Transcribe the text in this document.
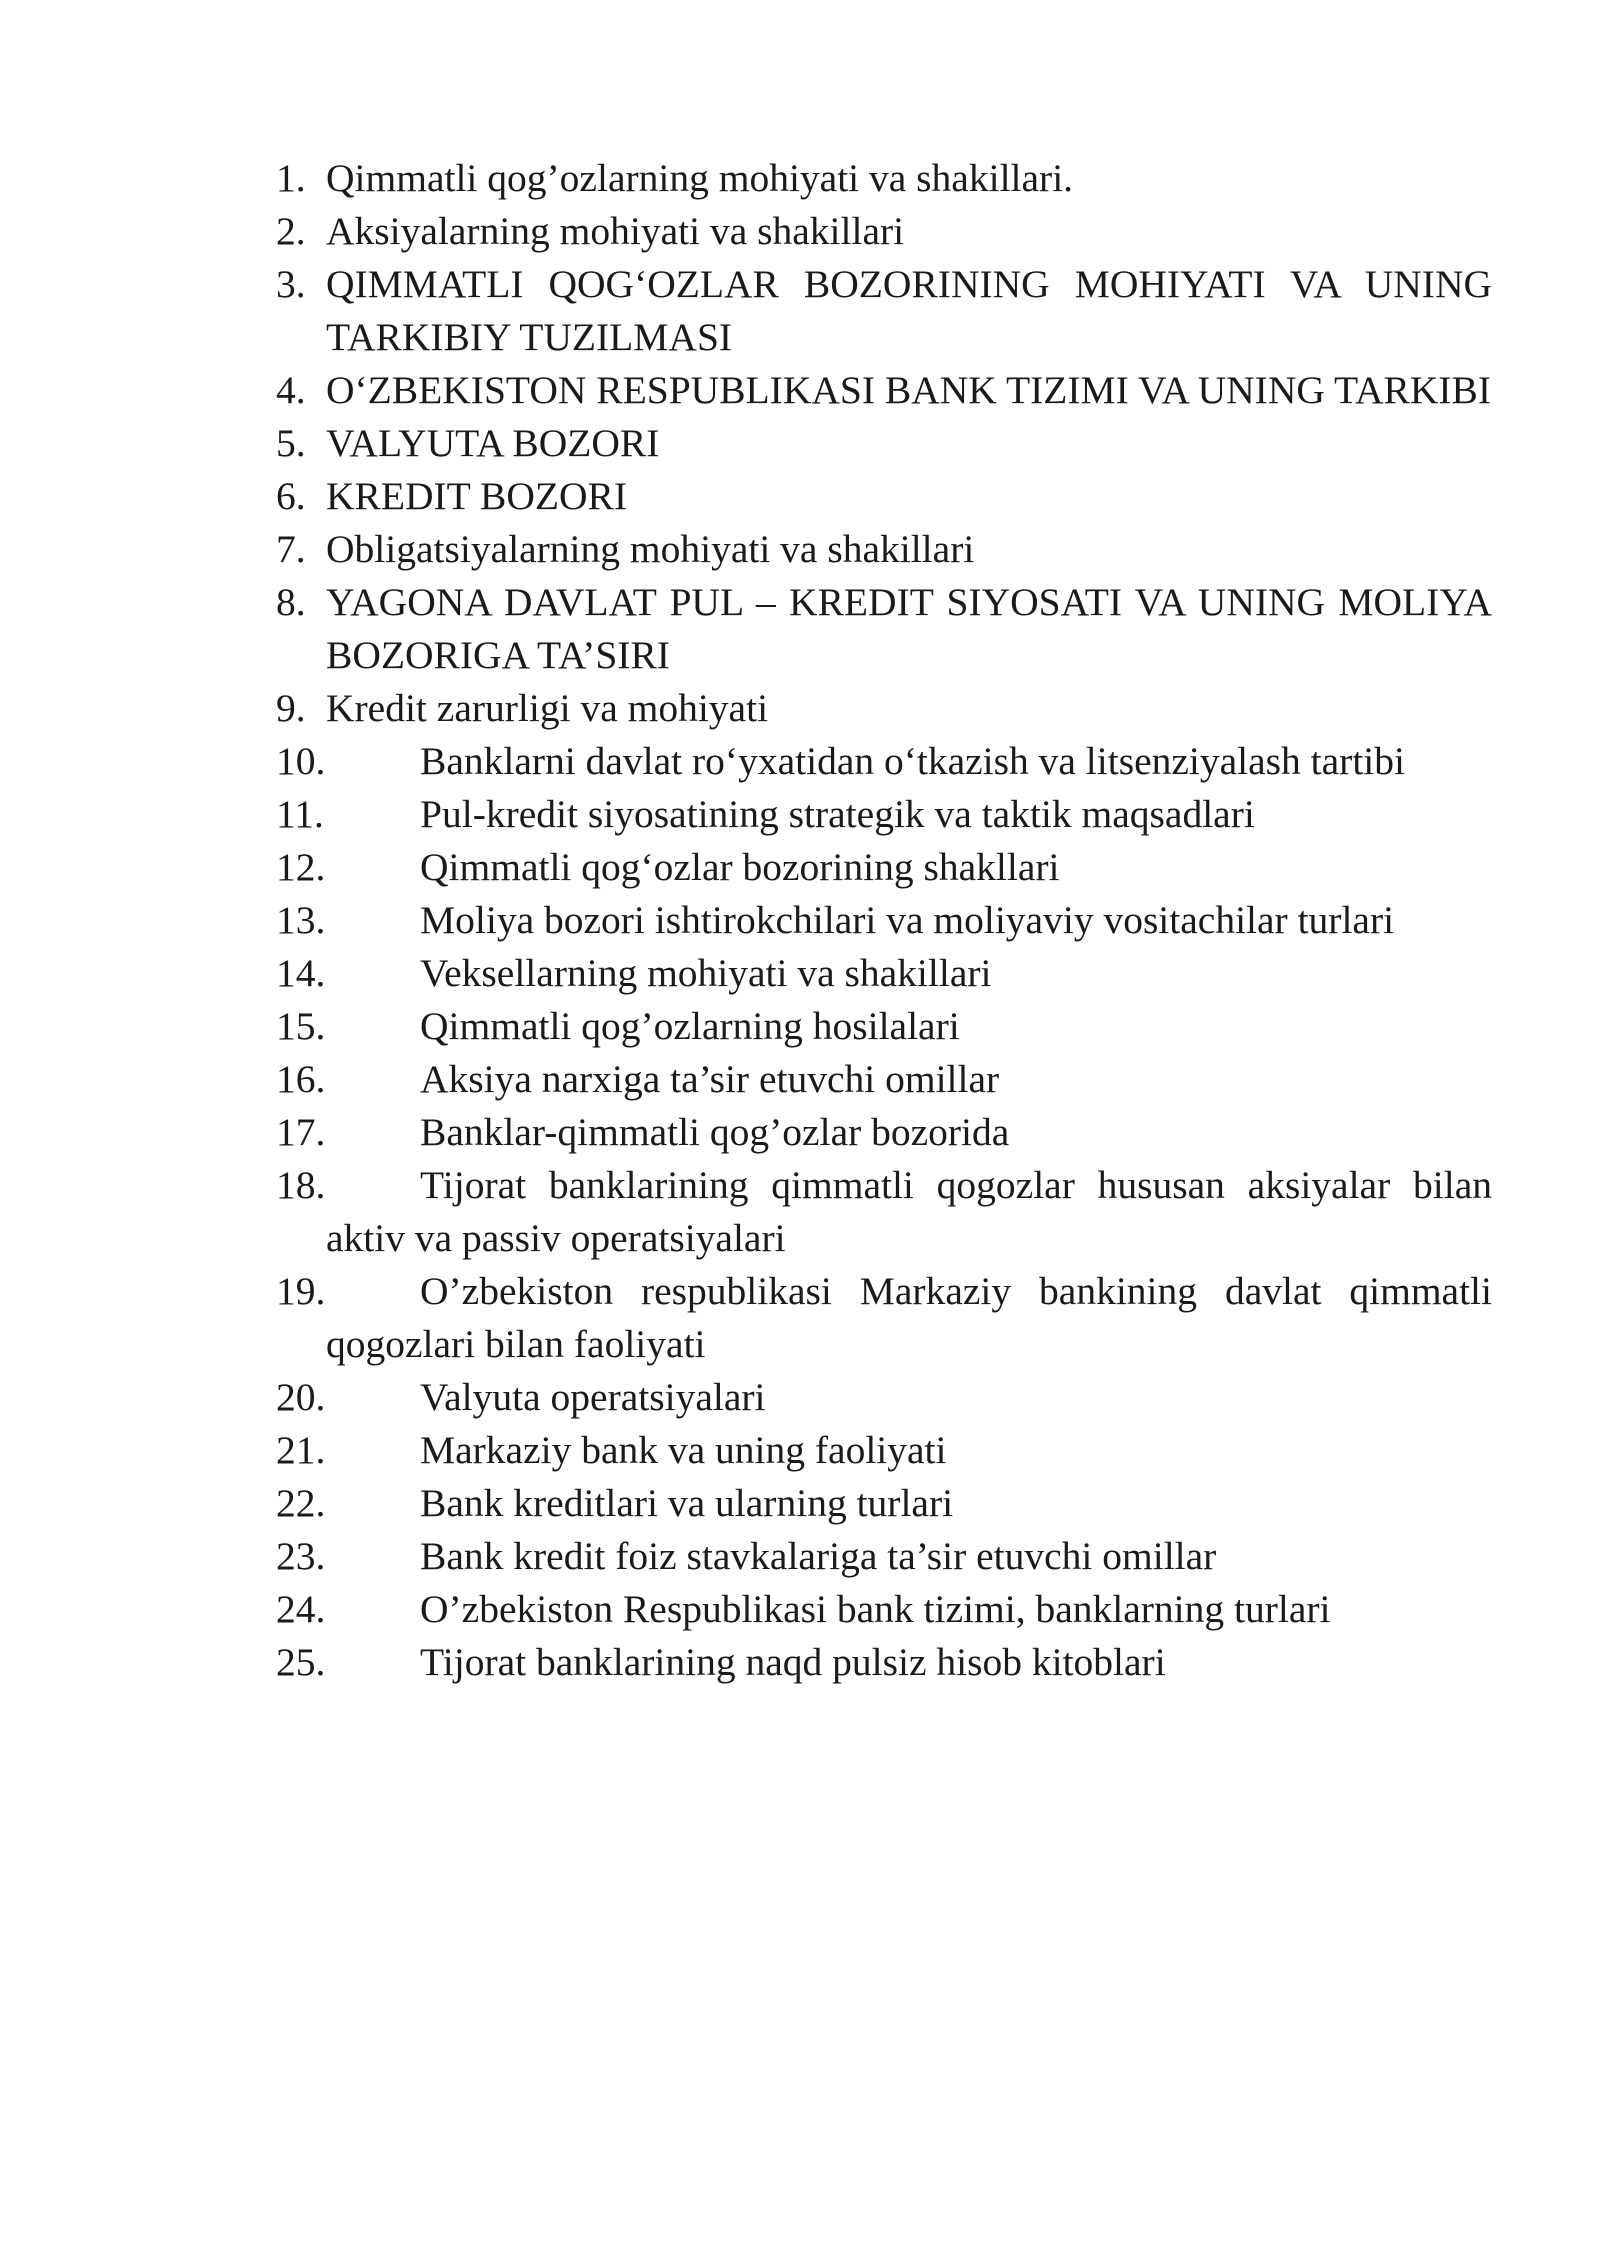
1. Qimmatli qog’ozlarning mohiyati va shakillari.
2. Aksiyalarning mohiyati va shakillari
3. QIMMATLI QOG‘OZLAR BOZORINING MOHIYATI VA UNING TARKIBIY TUZILMASI
4. O‘ZBEKISTON RESPUBLIKASI BANK TIZIMI VA UNING TARKIBI
5. VALYUTA BOZORI
6. KREDIT BOZORI
7. Obligatsiyalarning mohiyati va shakillari
8. YAGONA DAVLAT PUL – KREDIT SIYOSATI VA UNING MOLIYA BOZORIGA TA’SIRI
9. Kredit zarurligi va mohiyati
10. Banklarni davlat ro‘yxatidan o‘tkazish va litsenziyalash tartibi
11. Pul-kredit siyosatining strategik va taktik maqsadlari
12. Qimmatli qog‘ozlar bozorining shakllari
13. Moliya bozori ishtirokchilari va moliyaviy vositachilar turlari
14. Veksellarning mohiyati va shakillari
15. Qimmatli qog’ozlarning hosilalari
16. Aksiya narxiga ta’sir etuvchi omillar
17. Banklar-qimmatli qog’ozlar bozorida
18. Tijorat banklarining qimmatli qogozlar hususan aksiyalar bilan aktiv va passiv operatsiyalari
19. O’zbekiston respublikasi Markaziy bankining davlat qimmatli qogozlari bilan faoliyati
20. Valyuta operatsiyalari
21. Markaziy bank va uning faoliyati
22. Bank kreditlari va ularning turlari
23. Bank kredit foiz stavkalariga ta’sir etuvchi omillar
24. O’zbekiston Respublikasi bank tizimi, banklarning turlari
25. Tijorat banklarining naqd pulsiz hisob kitoblari
